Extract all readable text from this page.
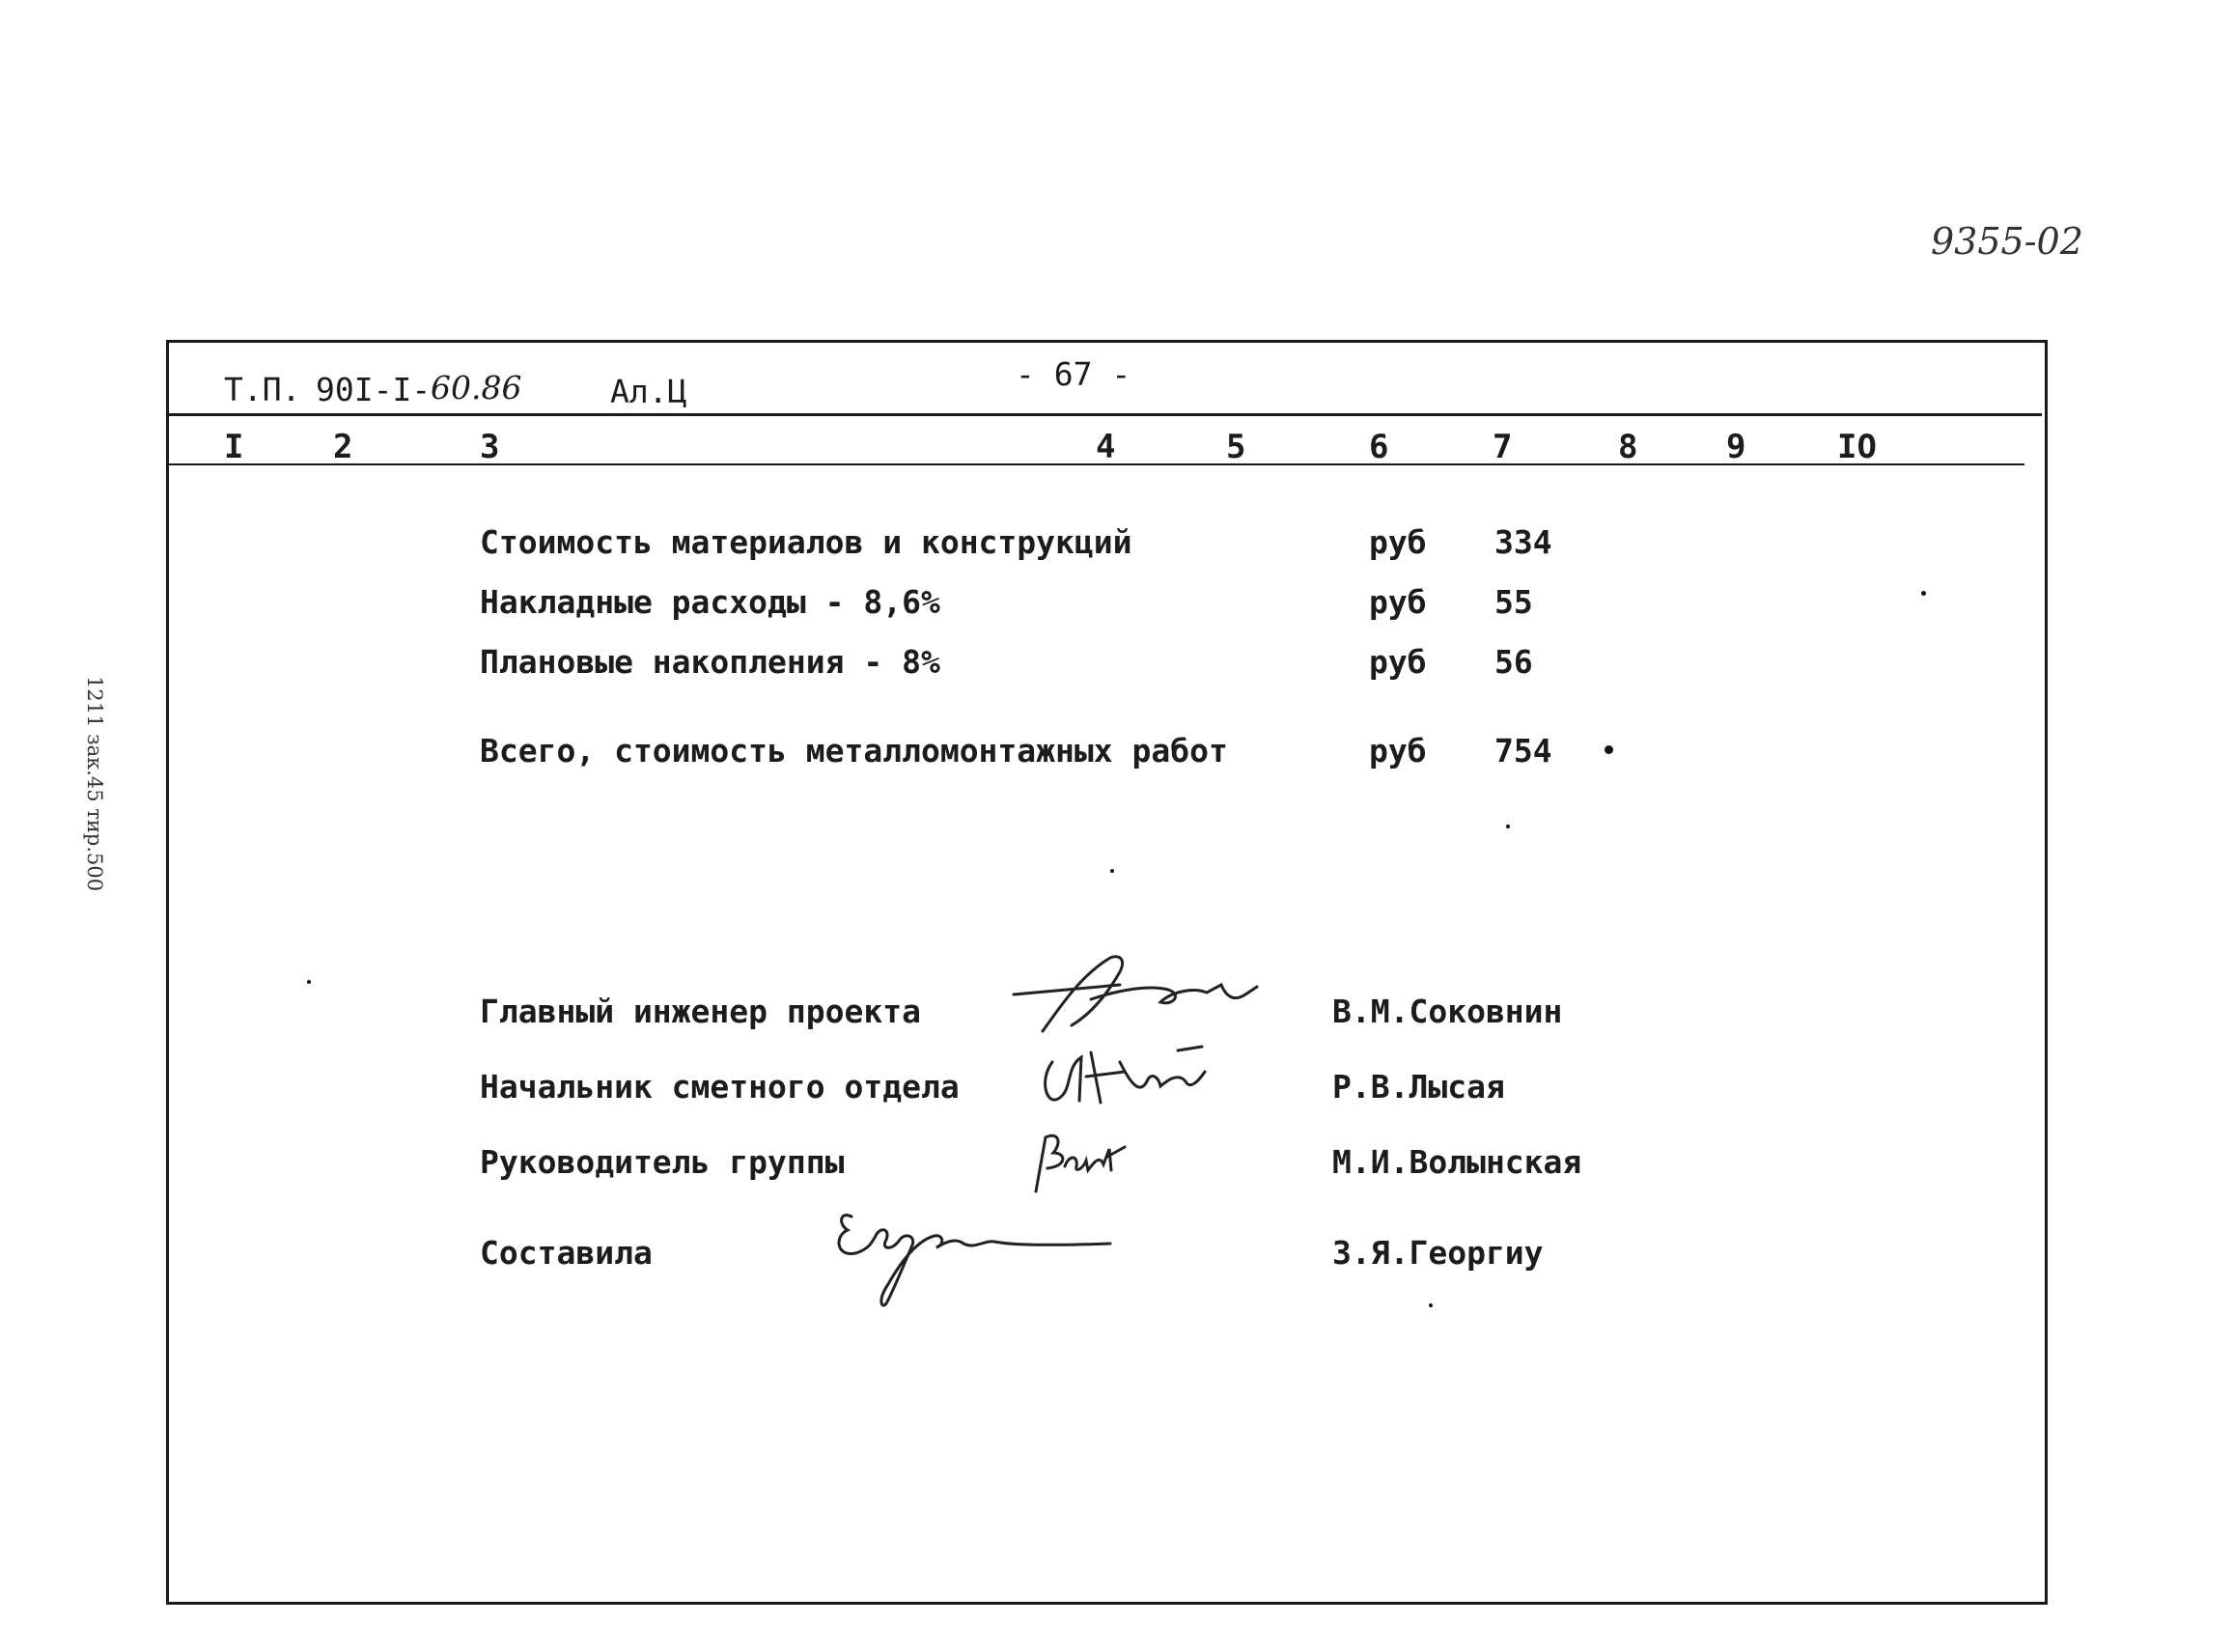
9355-02
1211 зак.45 тир.500
Т.П. 90I-I- 60.86	Ал.Ц	- 67 -
I	2	3	4	5	6	7	8	9	IO
Стоимость материалов и конструкций	руб 334
Накладные расходы - 8,6%	руб 55
Плановые накопления - 8%	руб 56
Всего, стоимость металломонтажных работ	руб 754
Главный инженер проекта	В.М.Соковнин
Начальник сметного отдела	Р.В.Лысая
Руководитель группы	М.И.Волынская
Составила	З.Я.Георгиу
